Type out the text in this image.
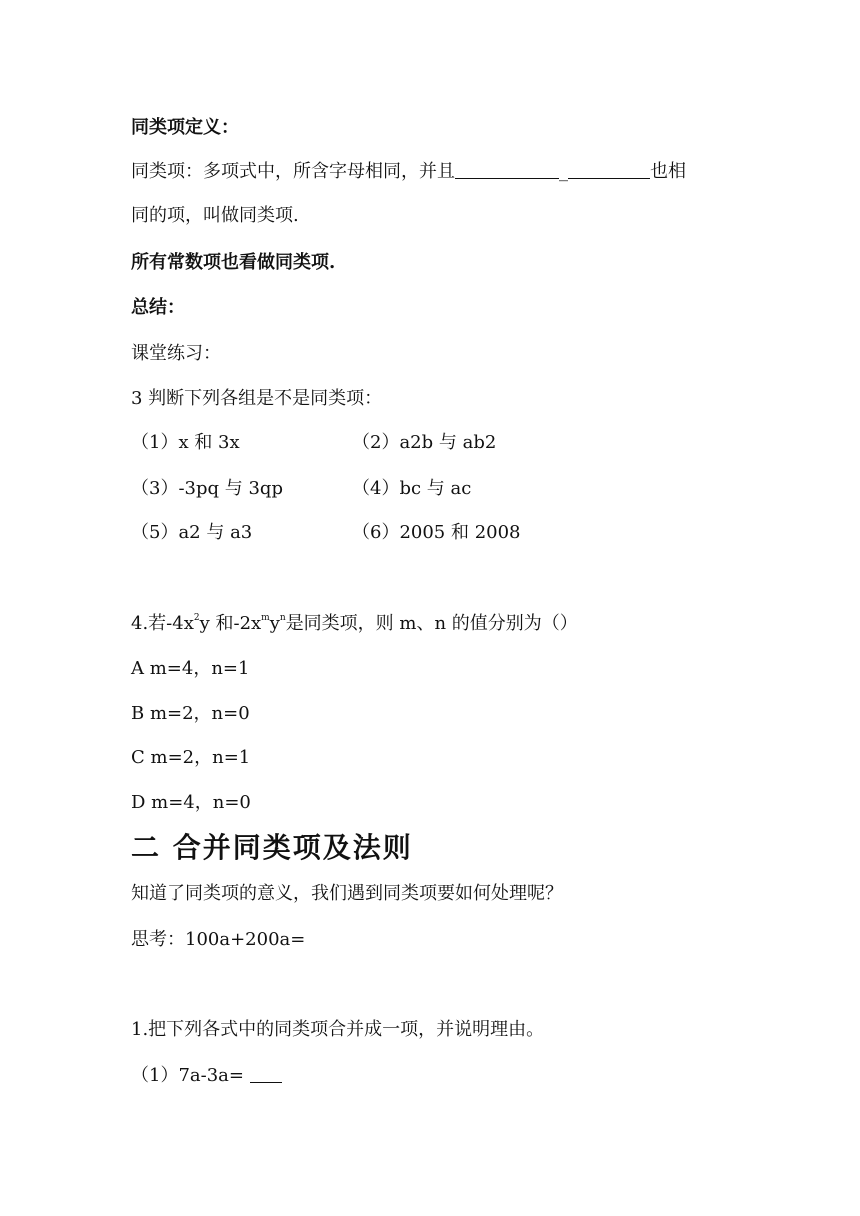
同类项定义：
同类项：多项式中，所含字母相同，并且	_	也相
同的项，叫做同类项.
所有常数项也看做同类项.
总结：
课堂练习：
3 判断下列各组是不是同类项：
（1）x 和 3x	（2）a2b 与 ab2
（3）-3pq 与 3qp	（4）bc 与 ac
（5）a2 与 a3	（6）2005 和 2008
4.若$-4x^2y$ 和$-2x^my^n$是同类项，则 m、n 的值分别为（）
A m=4，n=1
B m=2，n=0
C m=2，n=1
D m=4，n=0
二 合并同类项及法则
知道了同类项的意义，我们遇到同类项要如何处理呢？
思考：100a+200a=
1.把下列各式中的同类项合并成一项，并说明理由。
（1）7a-3a=
